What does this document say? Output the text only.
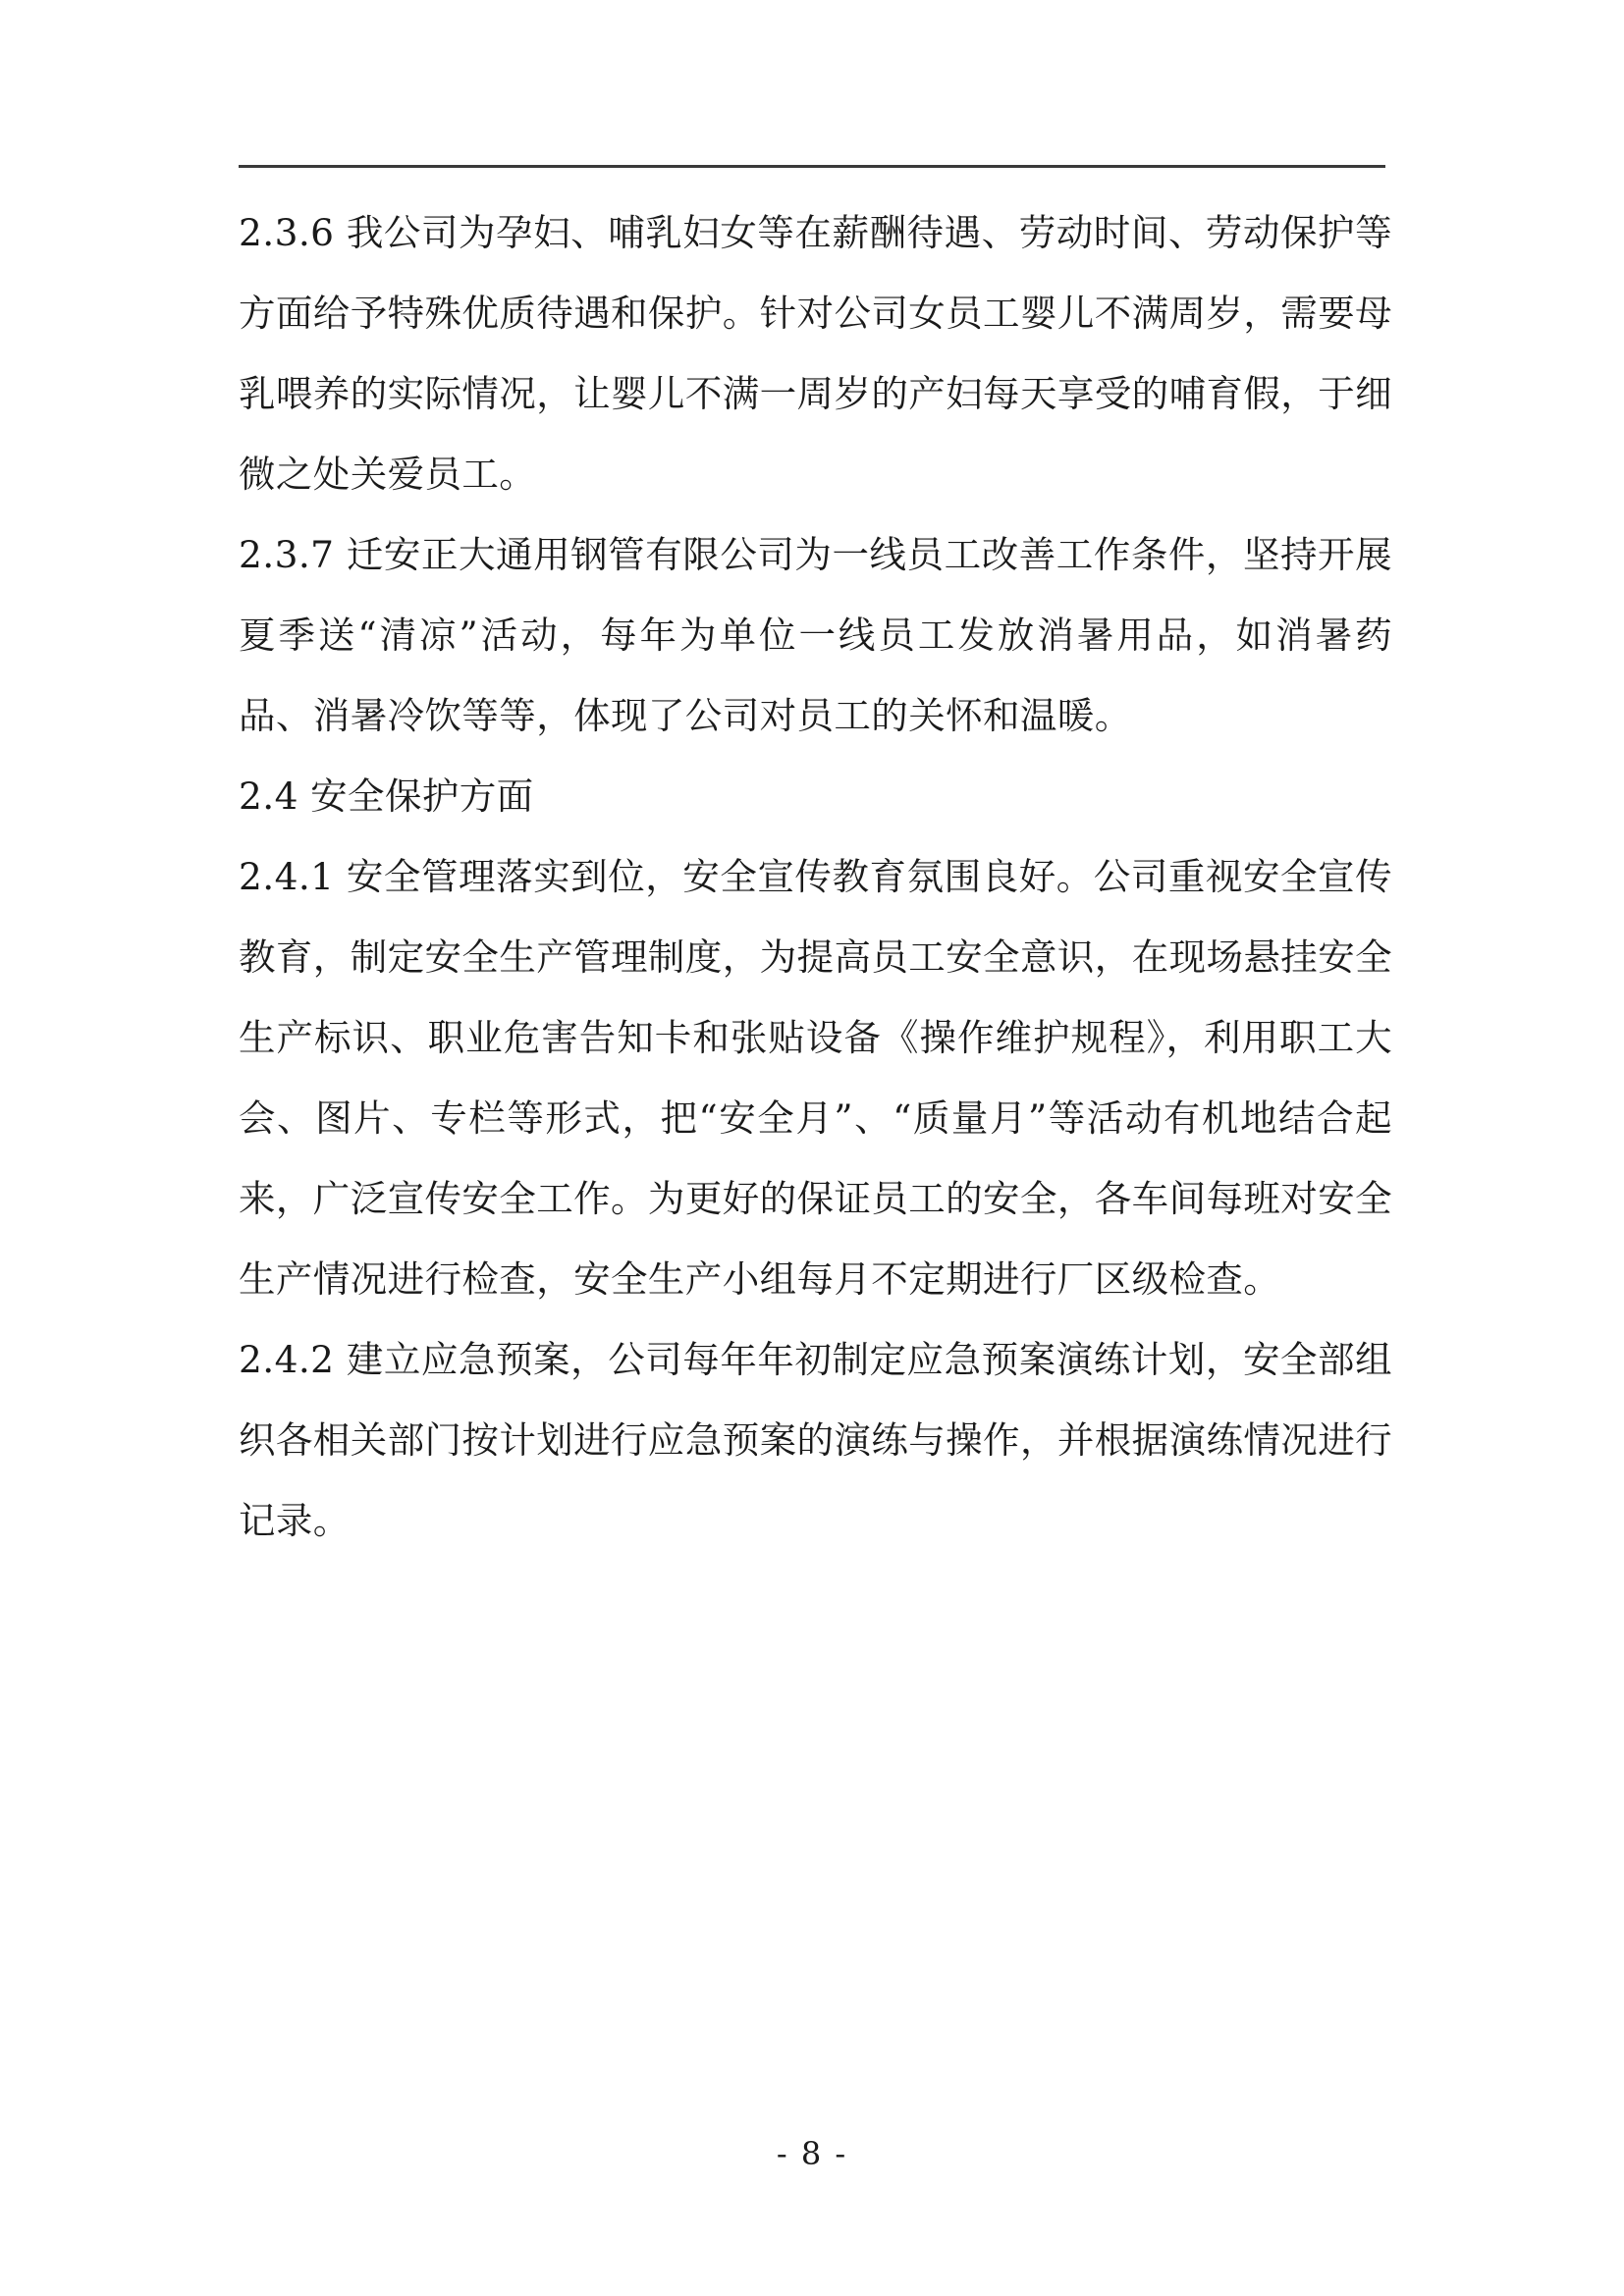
2.3.6 我公司为孕妇、哺乳妇女等在薪酬待遇、劳动时间、劳动保护等方面给予特殊优质待遇和保护。针对公司女员工婴儿不满周岁，需要母乳喂养的实际情况，让婴儿不满一周岁的产妇每天享受的哺育假，于细微之处关爱员工。

2.3.7 迁安正大通用钢管有限公司为一线员工改善工作条件，坚持开展夏季送“清凉”活动，每年为单位一线员工发放消暑用品，如消暑药品、消暑冷饮等等，体现了公司对员工的关怀和温暖。

2.4 安全保护方面

2.4.1 安全管理落实到位，安全宣传教育氛围良好。公司重视安全宣传教育，制定安全生产管理制度，为提高员工安全意识，在现场悬挂安全生产标识、职业危害告知卡和张贴设备《操作维护规程》，利用职工大会、图片、专栏等形式，把“安全月”、“质量月”等活动有机地结合起来，广泛宣传安全工作。为更好的保证员工的安全，各车间每班对安全生产情况进行检查，安全生产小组每月不定期进行厂区级检查。

2.4.2 建立应急预案，公司每年年初制定应急预案演练计划，安全部组织各相关部门按计划进行应急预案的演练与操作，并根据演练情况进行记录。

- 8 -
